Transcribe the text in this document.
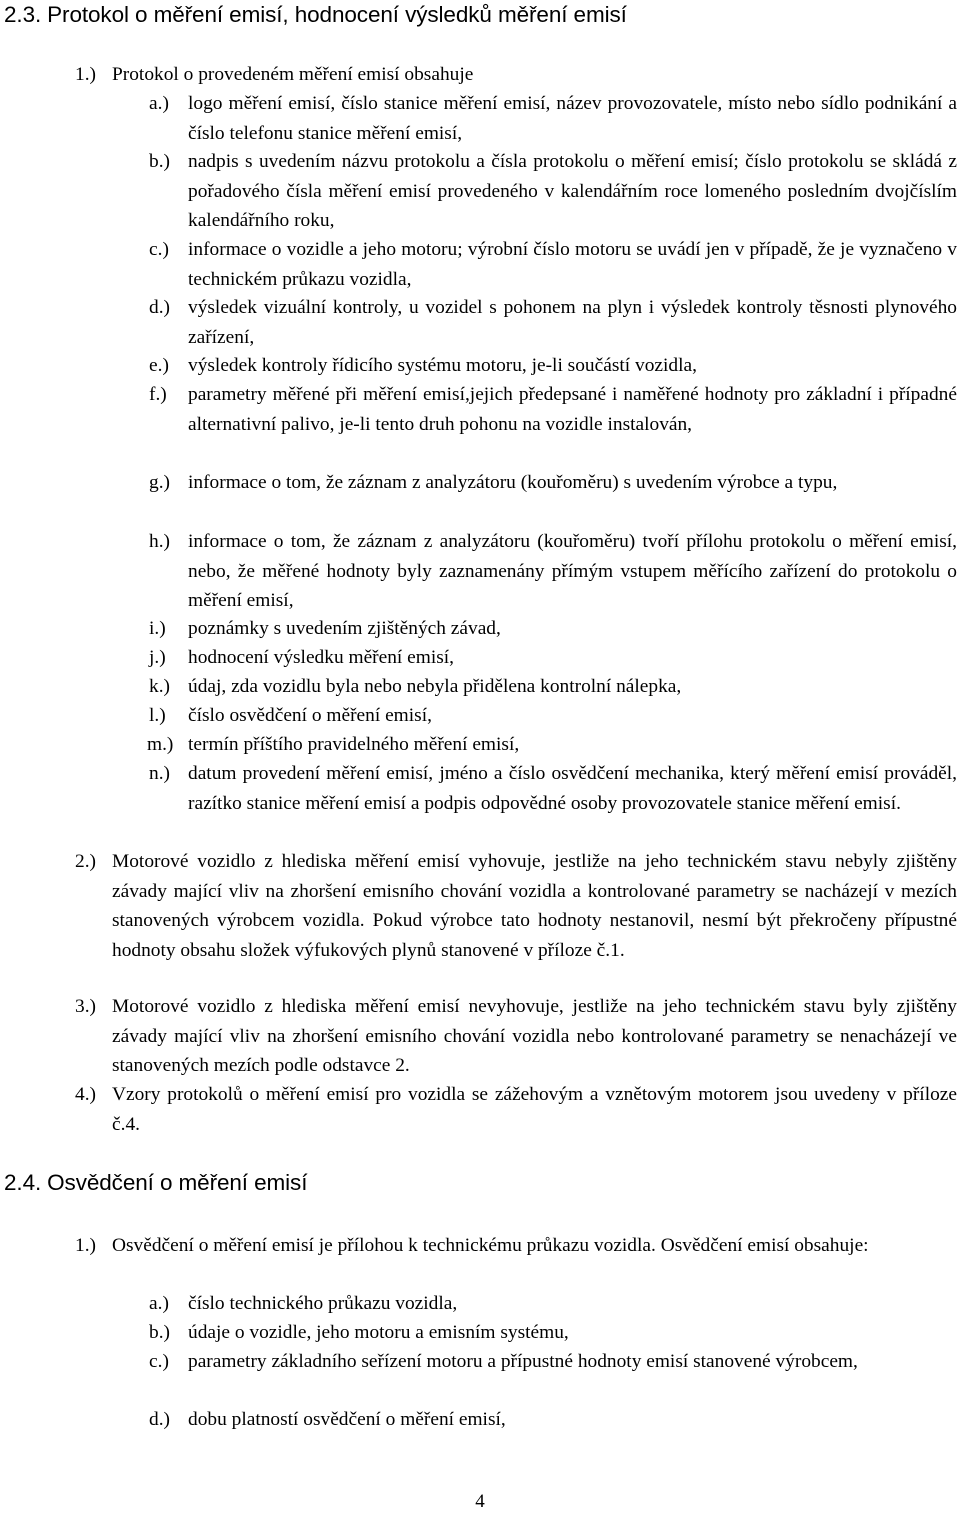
2.3. Protokol o měření emisí, hodnocení výsledků měření emisí
1.) Protokol o provedeném měření emisí obsahuje
a.) logo měření emisí, číslo stanice měření emisí, název provozovatele, místo nebo sídlo podnikání a číslo telefonu stanice měření emisí,
b.) nadpis s uvedením názvu protokolu a čísla protokolu o měření emisí; číslo protokolu se skládá z pořadového čísla měření emisí provedeného v kalendářním roce lomeného posledním dvojčíslím kalendářního roku,
c.) informace o vozidle a jeho motoru; výrobní číslo motoru se uvádí jen v případě, že je vyznačeno v technickém průkazu vozidla,
d.) výsledek vizuální kontroly, u vozidel s pohonem na plyn i výsledek kontroly těsnosti plynového zařízení,
e.) výsledek kontroly řídicího systému motoru, je-li součástí vozidla,
f.) parametry měřené při měření emisí,jejich předepsané i naměřené hodnoty pro základní i případné alternativní palivo, je-li tento druh pohonu na vozidle instalován,
g.) informace o tom, že záznam z analyzátoru (kouřoměru) s uvedením výrobce a typu,
h.) informace o tom, že záznam z analyzátoru (kouřoměru) tvoří přílohu protokolu o měření emisí, nebo, že měřené hodnoty byly zaznamenány přímým vstupem měřícího zařízení do protokolu o měření emisí,
i.) poznámky s uvedením zjištěných závad,
j.) hodnocení výsledku měření emisí,
k.) údaj, zda vozidlu byla nebo nebyla přidělena kontrolní nálepka,
l.) číslo osvědčení o měření emisí,
m.) termín příštího pravidelného měření emisí,
n.) datum provedení měření emisí, jméno a číslo osvědčení mechanika, který měření emisí prováděl, razítko stanice měření emisí a podpis odpovědné osoby provozovatele stanice měření emisí.
2.) Motorové vozidlo z hlediska měření emisí vyhovuje, jestliže na jeho technickém stavu nebyly zjištěny závady mající vliv na zhoršení emisního chování vozidla a kontrolované parametry se nacházejí v mezích stanovených výrobcem vozidla. Pokud výrobce tato hodnoty nestanovil, nesmí být překročeny přípustné hodnoty obsahu složek výfukových plynů stanovené v příloze č.1.
3.) Motorové vozidlo z hlediska měření emisí nevyhovuje, jestliže na jeho technickém stavu byly zjištěny závady mající vliv na zhoršení emisního chování vozidla nebo kontrolované parametry se nenacházejí ve stanovených mezích podle odstavce 2.
4.) Vzory protokolů o měření emisí pro vozidla se zážehovým a vznětovým motorem jsou uvedeny v příloze č.4.
2.4. Osvědčení o měření emisí
1.) Osvědčení o měření emisí je přílohou k technickému průkazu vozidla. Osvědčení emisí obsahuje:
a.) číslo technického průkazu vozidla,
b.) údaje o vozidle, jeho motoru a emisním systému,
c.) parametry základního seřízení motoru a přípustné hodnoty emisí stanovené výrobcem,
d.) dobu platností osvědčení o měření emisí,
4
